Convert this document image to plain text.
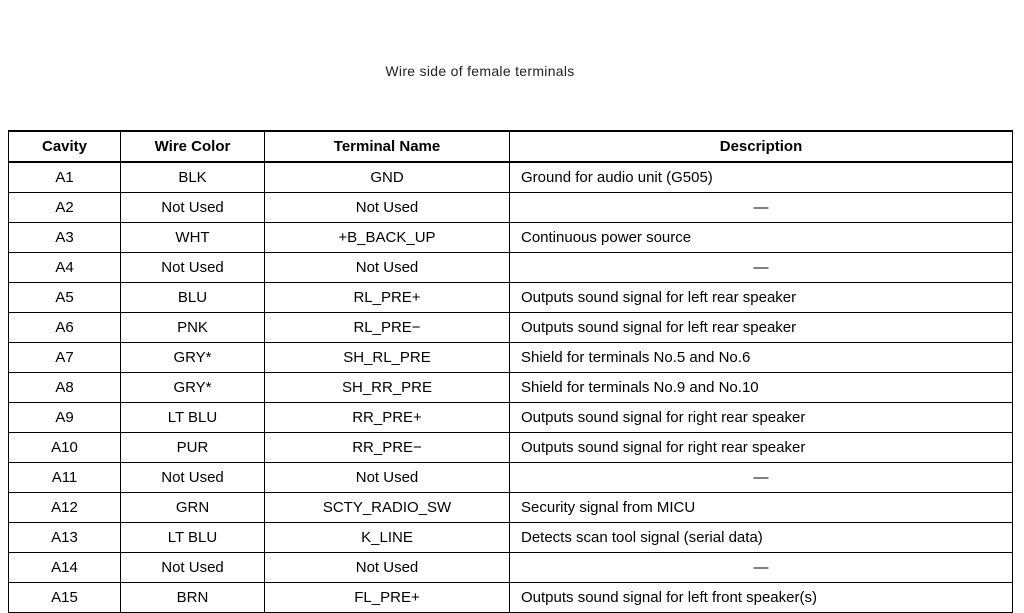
Wire side of female terminals
Cavity	Wire Color	Terminal Name	Description
A1	BLK	GND	Ground for audio unit (G505)
A2	Not Used	Not Used	—
A3	WHT	+B_BACK_UP	Continuous power source
A4	Not Used	Not Used	—
A5	BLU	RL_PRE+	Outputs sound signal for left rear speaker
A6	PNK	RL_PRE−	Outputs sound signal for left rear speaker
A7	GRY*	SH_RL_PRE	Shield for terminals No.5 and No.6
A8	GRY*	SH_RR_PRE	Shield for terminals No.9 and No.10
A9	LT BLU	RR_PRE+	Outputs sound signal for right rear speaker
A10	PUR	RR_PRE−	Outputs sound signal for right rear speaker
A11	Not Used	Not Used	—
A12	GRN	SCTY_RADIO_SW	Security signal from MICU
A13	LT BLU	K_LINE	Detects scan tool signal (serial data)
A14	Not Used	Not Used	—
A15	BRN	FL_PRE+	Outputs sound signal for left front speaker(s)
